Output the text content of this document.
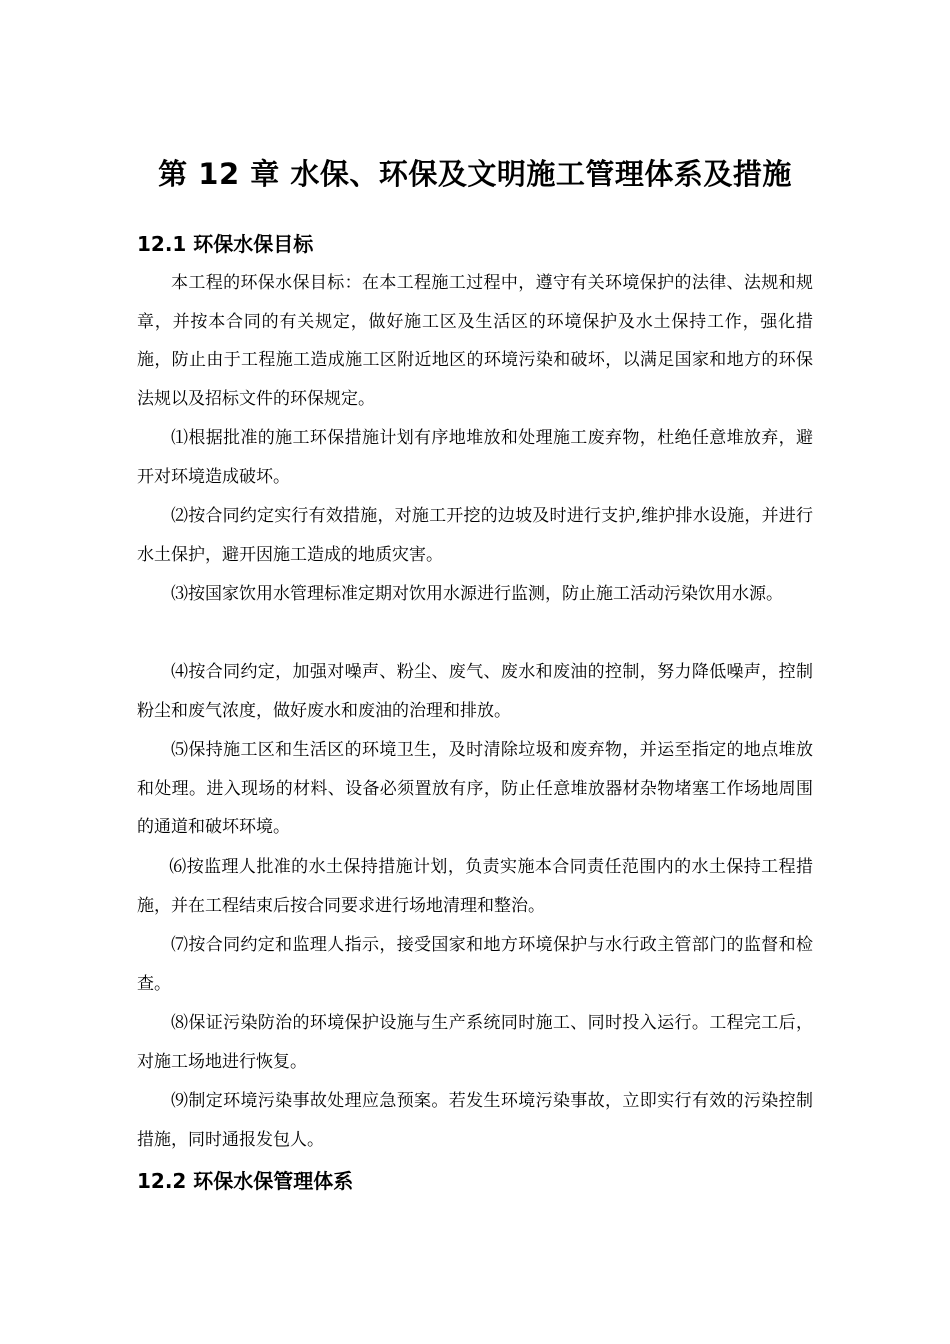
第 12 章 水保、环保及文明施工管理体系及措施
12.1 环保水保目标

本工程的环保水保目标：在本工程施工过程中，遵守有关环境保护的法律、法规和规章，并按本合同的有关规定，做好施工区及生活区的环境保护及水土保持工作，强化措施，防止由于工程施工造成施工区附近地区的环境污染和破坏，以满足国家和地方的环保法规以及招标文件的环保规定。

⑴根据批准的施工环保措施计划有序地堆放和处理施工废弃物，杜绝任意堆放弃，避开对环境造成破坏。

⑵按合同约定实行有效措施，对施工开挖的边坡及时进行支护,维护排水设施，并进行水土保护，避开因施工造成的地质灾害。

⑶按国家饮用水管理标准定期对饮用水源进行监测，防止施工活动污染饮用水源。

⑷按合同约定，加强对噪声、粉尘、废气、废水和废油的控制，努力降低噪声，控制粉尘和废气浓度，做好废水和废油的治理和排放。

⑸保持施工区和生活区的环境卫生，及时清除垃圾和废弃物，并运至指定的地点堆放和处理。进入现场的材料、设备必须置放有序，防止任意堆放器材杂物堵塞工作场地周围的通道和破坏环境。

⑹按监理人批准的水土保持措施计划，负责实施本合同责任范围内的水土保持工程措施，并在工程结束后按合同要求进行场地清理和整治。

⑺按合同约定和监理人指示，接受国家和地方环境保护与水行政主管部门的监督和检查。

⑻保证污染防治的环境保护设施与生产系统同时施工、同时投入运行。工程完工后，对施工场地进行恢复。

⑼制定环境污染事故处理应急预案。若发生环境污染事故，立即实行有效的污染控制措施，同时通报发包人。

12.2 环保水保管理体系
